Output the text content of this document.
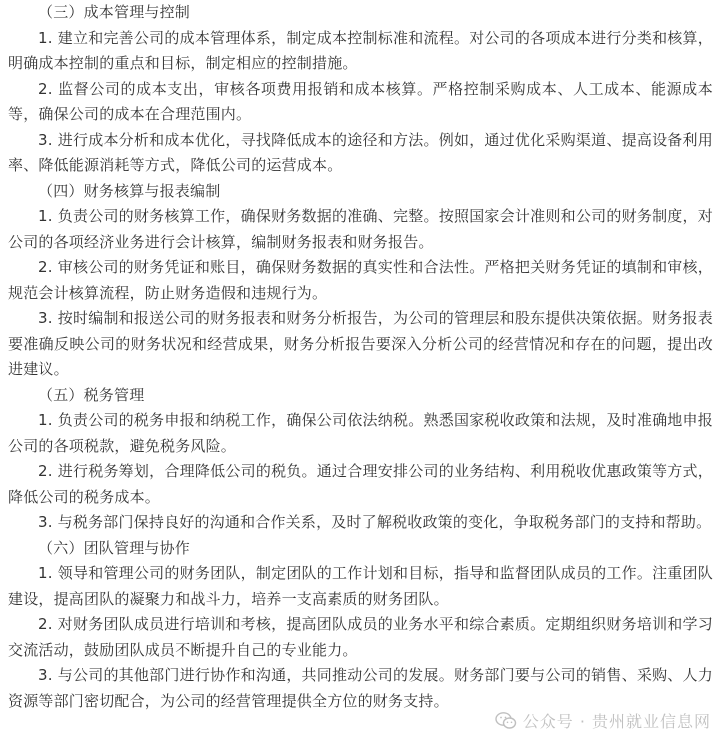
（三）成本管理与控制

1. 建立和完善公司的成本管理体系，制定成本控制标准和流程。对公司的各项成本进行分类和核算，明确成本控制的重点和目标，制定相应的控制措施。

2. 监督公司的成本支出，审核各项费用报销和成本核算。严格控制采购成本、人工成本、能源成本等，确保公司的成本在合理范围内。

3. 进行成本分析和成本优化，寻找降低成本的途径和方法。例如，通过优化采购渠道、提高设备利用率、降低能源消耗等方式，降低公司的运营成本。

（四）财务核算与报表编制

1. 负责公司的财务核算工作，确保财务数据的准确、完整。按照国家会计准则和公司的财务制度，对公司的各项经济业务进行会计核算，编制财务报表和财务报告。

2. 审核公司的财务凭证和账目，确保财务数据的真实性和合法性。严格把关财务凭证的填制和审核，规范会计核算流程，防止财务造假和违规行为。

3. 按时编制和报送公司的财务报表和财务分析报告，为公司的管理层和股东提供决策依据。财务报表要准确反映公司的财务状况和经营成果，财务分析报告要深入分析公司的经营情况和存在的问题，提出改进建议。

（五）税务管理

1. 负责公司的税务申报和纳税工作，确保公司依法纳税。熟悉国家税收政策和法规，及时准确地申报公司的各项税款，避免税务风险。

2. 进行税务筹划，合理降低公司的税负。通过合理安排公司的业务结构、利用税收优惠政策等方式，降低公司的税务成本。

3. 与税务部门保持良好的沟通和合作关系，及时了解税收政策的变化，争取税务部门的支持和帮助。

（六）团队管理与协作

1. 领导和管理公司的财务团队，制定团队的工作计划和目标，指导和监督团队成员的工作。注重团队建设，提高团队的凝聚力和战斗力，培养一支高素质的财务团队。

2. 对财务团队成员进行培训和考核，提高团队成员的业务水平和综合素质。定期组织财务培训和学习交流活动，鼓励团队成员不断提升自己的专业能力。

3. 与公司的其他部门进行协作和沟通，共同推动公司的发展。财务部门要与公司的销售、采购、人力资源等部门密切配合，为公司的经营管理提供全方位的财务支持。

公众号 · 贵州就业信息网
